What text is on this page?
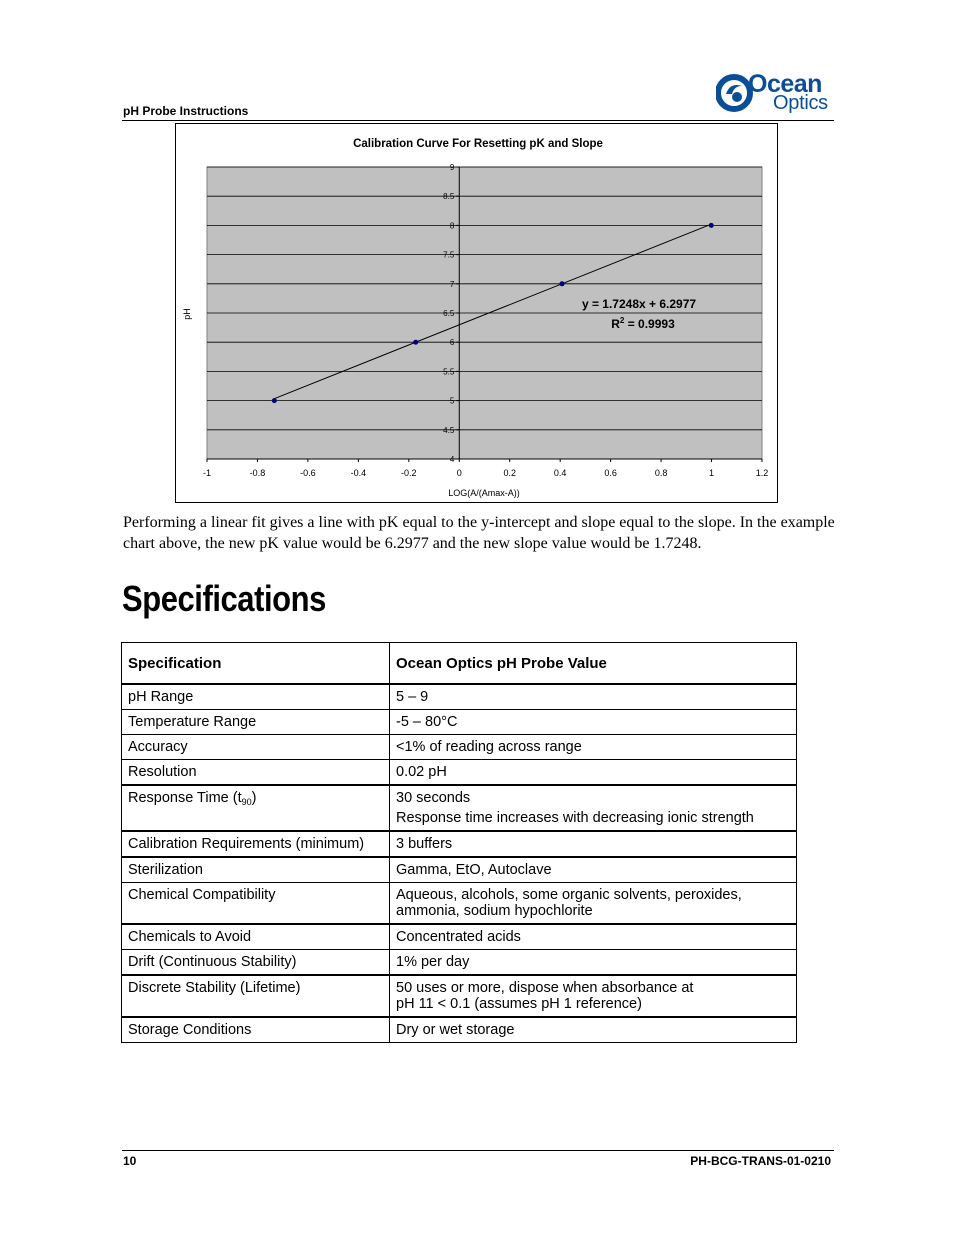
pH Probe Instructions
Ocean
Optics
Calibration Curve For Resetting pK and Slope
4
4.5
5
5.5
6
6.5
7
7.5
8
8.5
9
-1	-0.8	-0.6	-0.4	-0.2	0	0.2	0.4	0.6	0.8	1	1.2
LOG(A/(Amax-A))
pH
y = 1.7248x + 6.2977
$R^2 = 0.9993$
Performing a linear fit gives a line with pK equal to the y-intercept and slope equal to the slope. In the example chart above, the new pK value would be 6.2977 and the new slope value would be 1.7248.
Specifications
Specification	Ocean Optics pH Probe Value
pH Range	5 – 9
Temperature Range	-5 – 80°C
Accuracy	<1% of reading across range
Resolution	0.02 pH
Response Time $(t_{90})$	30 seconds
Response time increases with decreasing ionic strength

Calibration Requirements (minimum)	3 buffers
Sterilization	Gamma, EtO, Autoclave
Chemical Compatibility	Aqueous, alcohols, some organic solvents, peroxides, ammonia, sodium hypochlorite
Chemicals to Avoid	Concentrated acids
Drift (Continuous Stability)	1% per day
Discrete Stability (Lifetime)	50 uses or more, dispose when absorbance at
pH 11 < 0.1 (assumes pH 1 reference)
Storage Conditions	Dry or wet storage
10	PH-BCG-TRANS-01-0210
